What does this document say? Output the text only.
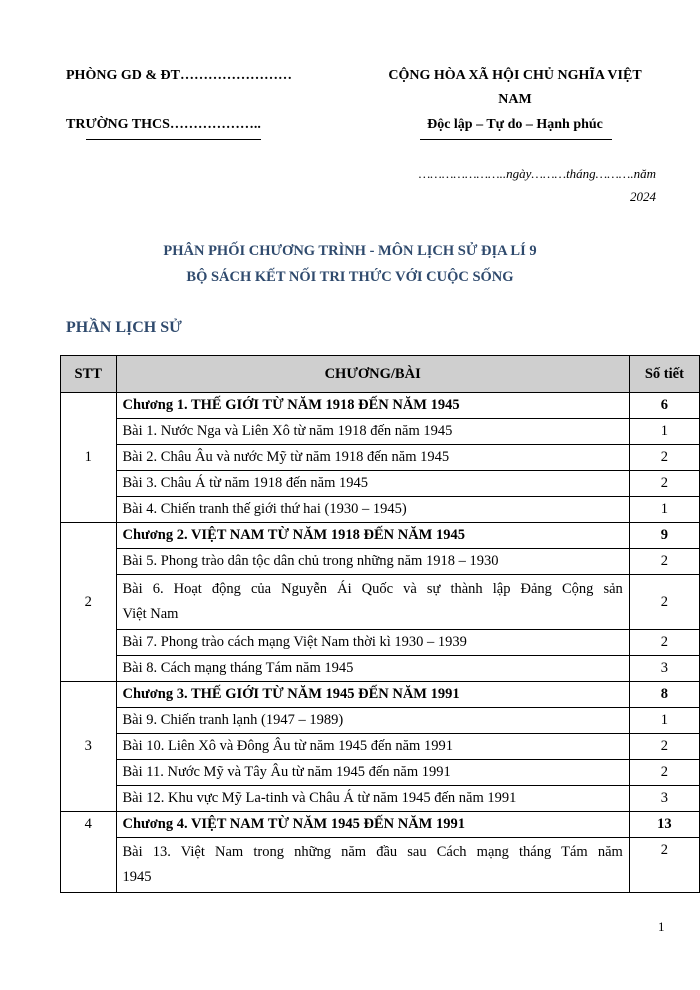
PHÒNG GD & ĐT……………………	CỘNG HÒA XÃ HỘI CHỦ NGHĨA VIỆT
NAM
TRƯỜNG THCS………………..	Độc lập – Tự do – Hạnh phúc
…………………..ngày………tháng……….năm
2024
PHÂN PHỐI CHƯƠNG TRÌNH - MÔN LỊCH SỬ ĐỊA LÍ 9
BỘ SÁCH KẾT NỐI TRI THỨC VỚI CUỘC SỐNG
PHẦN LỊCH SỬ
STT	CHƯƠNG/BÀI	Số tiết
1	Chương 1. THẾ GIỚI TỪ NĂM 1918 ĐẾN NĂM 1945	6
	Bài 1. Nước Nga và Liên Xô từ năm 1918 đến năm 1945	1
	Bài 2. Châu Âu và nước Mỹ từ năm 1918 đến năm 1945	2
	Bài 3. Châu Á từ năm 1918 đến năm 1945	2
	Bài 4. Chiến tranh thế giới thứ hai (1930 – 1945)	1
2	Chương 2. VIỆT NAM TỪ NĂM 1918 ĐẾN NĂM 1945	9
	Bài 5. Phong trào dân tộc dân chủ trong những năm 1918 – 1930	2

	Bài 6. Hoạt động của Nguyễn Ái Quốc và sự thành lập Đảng Cộng sản
Việt Nam	2
	Bài 7. Phong trào cách mạng Việt Nam thời kì 1930 – 1939	2
	Bài 8. Cách mạng tháng Tám năm 1945	3
3	Chương 3. THẾ GIỚI TỪ NĂM 1945 ĐẾN NĂM 1991	8
	Bài 9. Chiến tranh lạnh (1947 – 1989)	1
	Bài 10. Liên Xô và Đông Âu từ năm 1945 đến năm 1991	2
	Bài 11. Nước Mỹ và Tây Âu từ năm 1945 đến năm 1991	2
	Bài 12. Khu vực Mỹ La-tinh và Châu Á từ năm 1945 đến năm 1991	3
4	Chương 4. VIỆT NAM TỪ NĂM 1945 ĐẾN NĂM 1991	13

	Bài 13. Việt Nam trong những năm đầu sau Cách mạng tháng Tám năm
1945	2
1
